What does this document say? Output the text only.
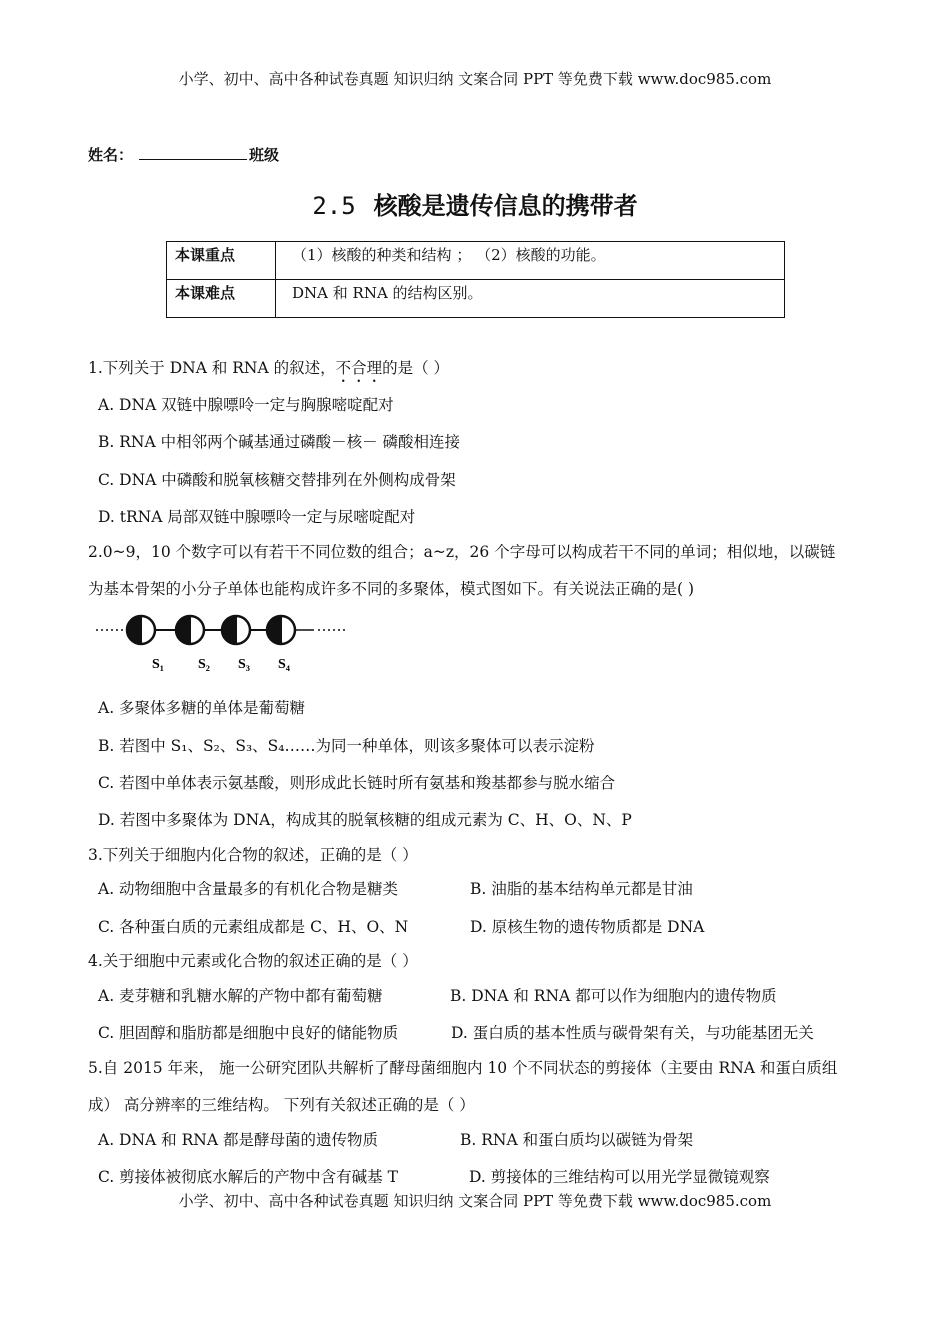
小学、初中、高中各种试卷真题 知识归纳 文案合同 PPT 等免费下载 www.doc985.com
姓名：	班级
2.5 核酸是遗传信息的携带者
本课重点	（1）核酸的种类和结构 ； （2）核酸的功能。
本课难点	DNA 和 RNA 的结构区别。
1.下列关于 DNA 和 RNA 的叙述，不合理的是（ ）
A. DNA 双链中腺嘌呤一定与胸腺嘧啶配对
B. RNA 中相邻两个碱基通过磷酸－核－ 磷酸相连接
C. DNA 中磷酸和脱氧核糖交替排列在外侧构成骨架
D. tRNA 局部双链中腺嘌呤一定与尿嘧啶配对
2.0~9，10 个数字可以有若干不同位数的组合；a~z，26 个字母可以构成若干不同的单词；相似地，以碳链
为基本骨架的小分子单体也能构成许多不同的多聚体，模式图如下。有关说法正确的是( )
S₁ S₂ S₃ S₄
A. 多聚体多糖的单体是葡萄糖
B. 若图中 S₁、S₂、S₃、S₄……为同一种单体，则该多聚体可以表示淀粉
C. 若图中单体表示氨基酸，则形成此长链时所有氨基和羧基都参与脱水缩合
D. 若图中多聚体为 DNA，构成其的脱氧核糖的组成元素为 C、H、O、N、P
3.下列关于细胞内化合物的叙述，正确的是（ ）
A. 动物细胞中含量最多的有机化合物是糖类	B. 油脂的基本结构单元都是甘油
C. 各种蛋白质的元素组成都是 C、H、O、N	D. 原核生物的遗传物质都是 DNA
4.关于细胞中元素或化合物的叙述正确的是（ ）
A. 麦芽糖和乳糖水解的产物中都有葡萄糖	B. DNA 和 RNA 都可以作为细胞内的遗传物质
C. 胆固醇和脂肪都是细胞中良好的储能物质	D. 蛋白质的基本性质与碳骨架有关，与功能基团无关
5.自 2015 年来， 施一公研究团队共解析了酵母菌细胞内 10 个不同状态的剪接体（主要由 RNA 和蛋白质组
成） 高分辨率的三维结构。 下列有关叙述正确的是（ ）
A. DNA 和 RNA 都是酵母菌的遗传物质	B. RNA 和蛋白质均以碳链为骨架
C. 剪接体被彻底水解后的产物中含有碱基 T	D. 剪接体的三维结构可以用光学显微镜观察
小学、初中、高中各种试卷真题 知识归纳 文案合同 PPT 等免费下载 www.doc985.com
